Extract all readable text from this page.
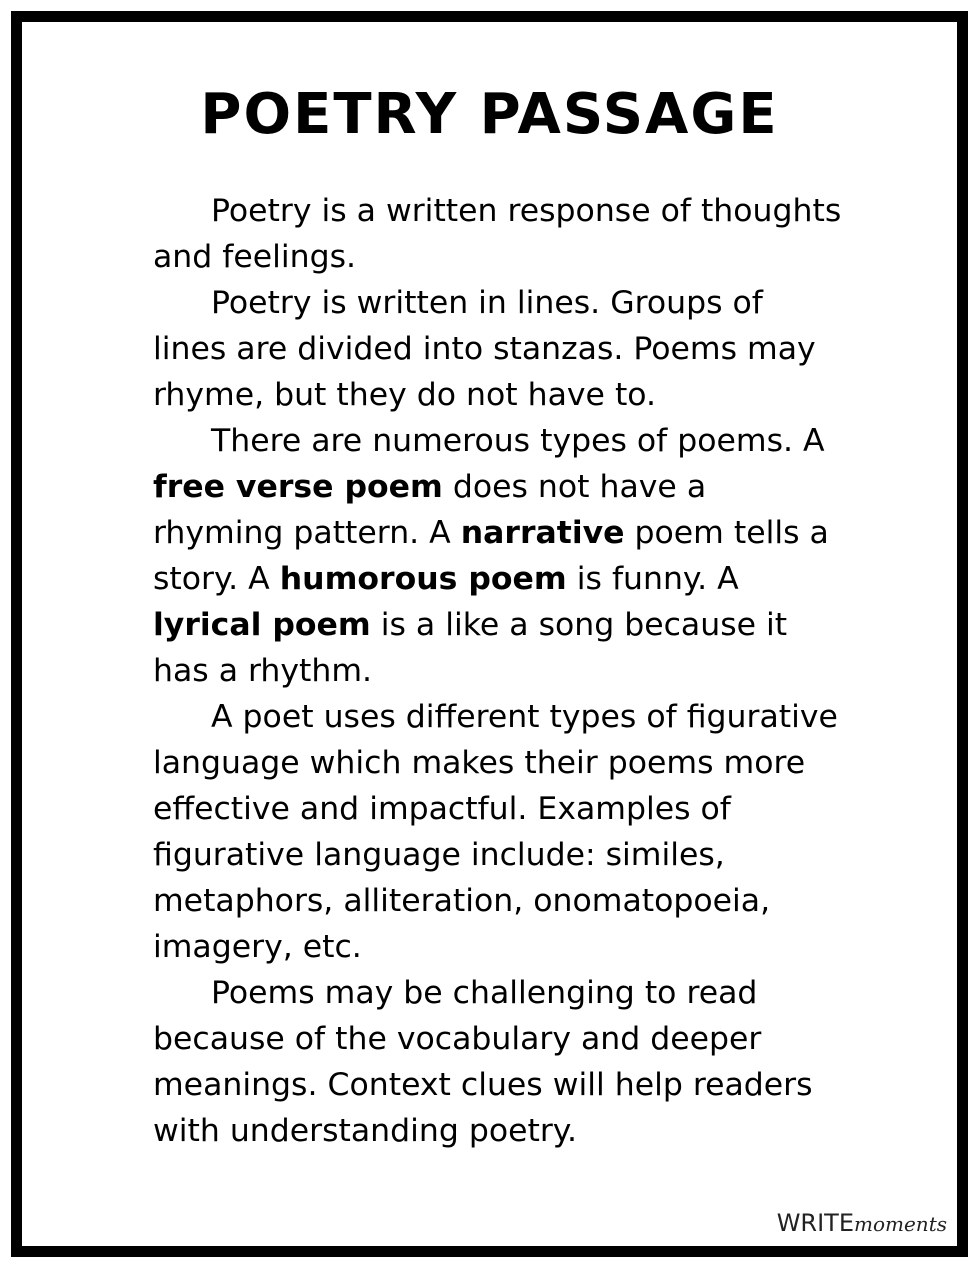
POETRY PASSAGE

Poetry is a written response of thoughts and feelings.

Poetry is written in lines. Groups of lines are divided into stanzas. Poems may rhyme, but they do not have to.

There are numerous types of poems. A free verse poem does not have a rhyming pattern. A narrative poem tells a story. A humorous poem is funny. A lyrical poem is a like a song because it has a rhythm.

A poet uses different types of figurative language which makes their poems more effective and impactful. Examples of figurative language include: similes, metaphors, alliteration, onomatopoeia, imagery, etc.

Poems may be challenging to read because of the vocabulary and deeper meanings. Context clues will help readers with understanding poetry.

WRITEmoments
